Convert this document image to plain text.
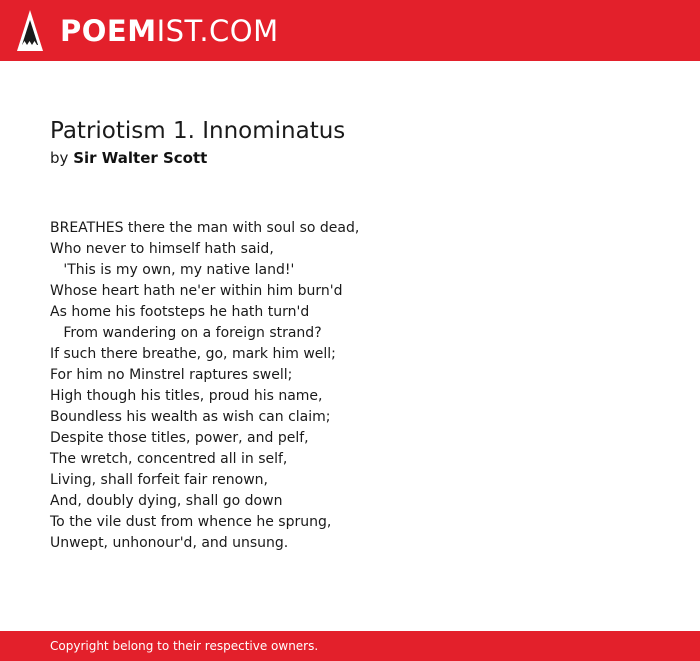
POEMIST.COM
Patriotism 1. Innominatus
by Sir Walter Scott
BREATHES there the man with soul so dead,
Who never to himself hath said,
'This is my own, my native land!'
Whose heart hath ne'er within him burn'd
As home his footsteps he hath turn'd
From wandering on a foreign strand?
If such there breathe, go, mark him well;
For him no Minstrel raptures swell;
High though his titles, proud his name,
Boundless his wealth as wish can claim;
Despite those titles, power, and pelf,
The wretch, concentred all in self,
Living, shall forfeit fair renown,
And, doubly dying, shall go down
To the vile dust from whence he sprung,
Unwept, unhonour'd, and unsung.
Copyright belong to their respective owners.
